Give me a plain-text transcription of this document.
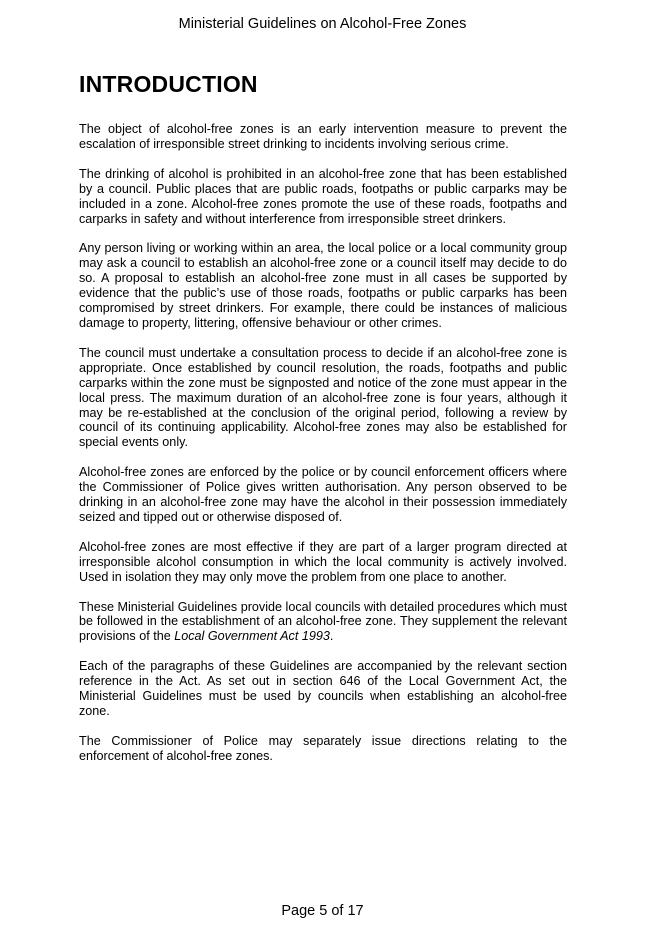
Ministerial Guidelines on Alcohol-Free Zones
INTRODUCTION

The object of alcohol-free zones is an early intervention measure to prevent the escalation of irresponsible street drinking to incidents involving serious crime.

The drinking of alcohol is prohibited in an alcohol-free zone that has been established by a council. Public places that are public roads, footpaths or public carparks may be included in a zone. Alcohol-free zones promote the use of these roads, footpaths and carparks in safety and without interference from irresponsible street drinkers.

Any person living or working within an area, the local police or a local community group may ask a council to establish an alcohol-free zone or a council itself may decide to do so. A proposal to establish an alcohol-free zone must in all cases be supported by evidence that the public’s use of those roads, footpaths or public carparks has been compromised by street drinkers. For example, there could be instances of malicious damage to property, littering, offensive behaviour or other crimes.

The council must undertake a consultation process to decide if an alcohol-free zone is appropriate. Once established by council resolution, the roads, footpaths and public carparks within the zone must be signposted and notice of the zone must appear in the local press. The maximum duration of an alcohol-free zone is four years, although it may be re-established at the conclusion of the original period, following a review by council of its continuing applicability. Alcohol-free zones may also be established for special events only.

Alcohol-free zones are enforced by the police or by council enforcement officers where the Commissioner of Police gives written authorisation. Any person observed to be drinking in an alcohol-free zone may have the alcohol in their possession immediately seized and tipped out or otherwise disposed of.

Alcohol-free zones are most effective if they are part of a larger program directed at irresponsible alcohol consumption in which the local community is actively involved. Used in isolation they may only move the problem from one place to another.

These Ministerial Guidelines provide local councils with detailed procedures which must be followed in the establishment of an alcohol-free zone. They supplement the relevant provisions of the Local Government Act 1993.

Each of the paragraphs of these Guidelines are accompanied by the relevant section reference in the Act. As set out in section 646 of the Local Government Act, the Ministerial Guidelines must be used by councils when establishing an alcohol-free zone.

The Commissioner of Police may separately issue directions relating to the enforcement of alcohol-free zones.

Page 5 of 17
